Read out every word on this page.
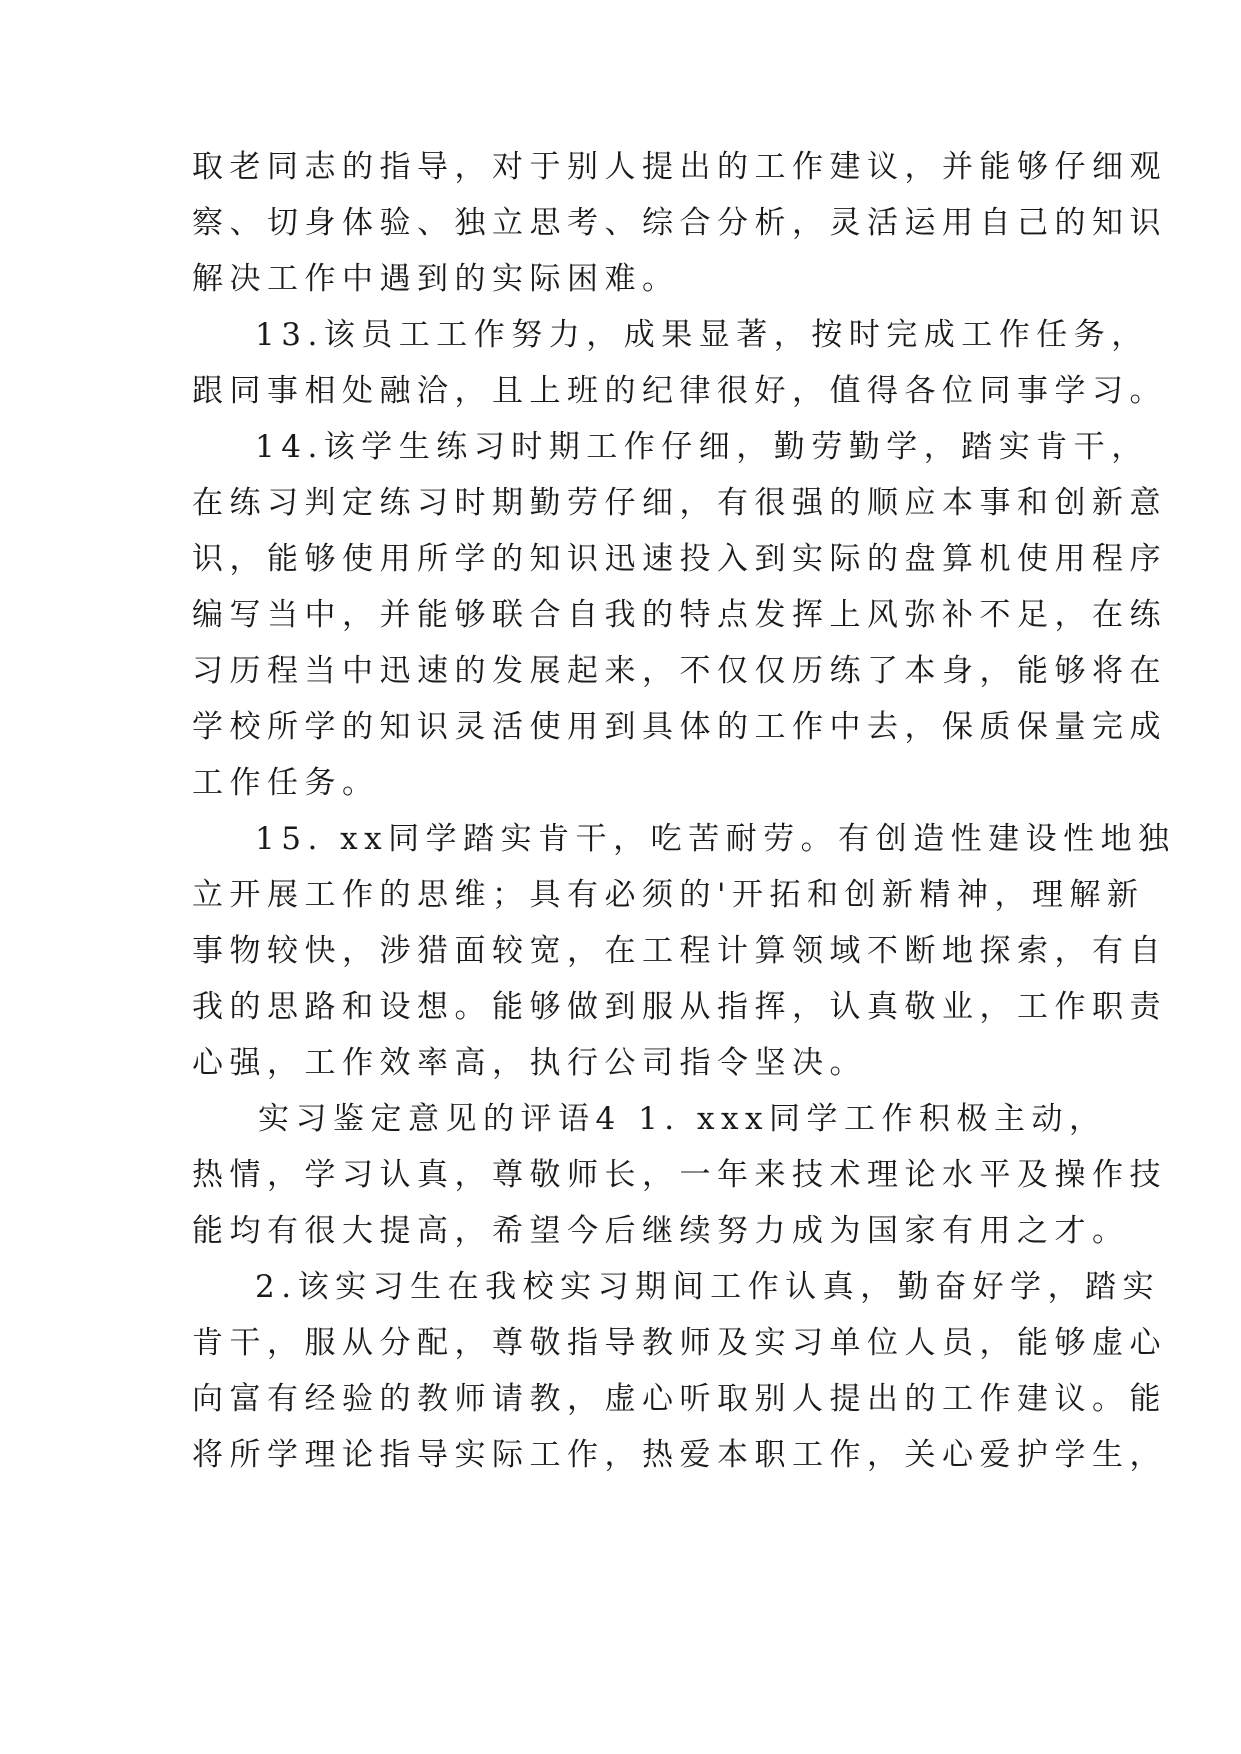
取老同志的指导，对于别人提出的工作建议，并能够仔细观
察、切身体验、独立思考、综合分析，灵活运用自己的知识
解决工作中遇到的实际困难。
13.该员工工作努力，成果显著，按时完成工作任务，
跟同事相处融洽，且上班的纪律很好，值得各位同事学习。
14.该学生练习时期工作仔细，勤劳勤学，踏实肯干，
在练习判定练习时期勤劳仔细，有很强的顺应本事和创新意
识，能够使用所学的知识迅速投入到实际的盘算机使用程序
编写当中，并能够联合自我的特点发挥上风弥补不足，在练
习历程当中迅速的发展起来，不仅仅历练了本身，能够将在
学校所学的知识灵活使用到具体的工作中去，保质保量完成
工作任务。
15. xx同学踏实肯干，吃苦耐劳。有创造性建设性地独
立开展工作的思维；具有必须的'开拓和创新精神，理解新
事物较快，涉猎面较宽，在工程计算领域不断地探索，有自
我的思路和设想。能够做到服从指挥，认真敬业，工作职责
心强，工作效率高，执行公司指令坚决。
实习鉴定意见的评语4 1. xxx同学工作积极主动，
热情，学习认真，尊敬师长，一年来技术理论水平及操作技
能均有很大提高，希望今后继续努力成为国家有用之才。
2.该实习生在我校实习期间工作认真，勤奋好学，踏实
肯干，服从分配，尊敬指导教师及实习单位人员，能够虚心
向富有经验的教师请教，虚心听取别人提出的工作建议。能
将所学理论指导实际工作，热爱本职工作，关心爱护学生，
